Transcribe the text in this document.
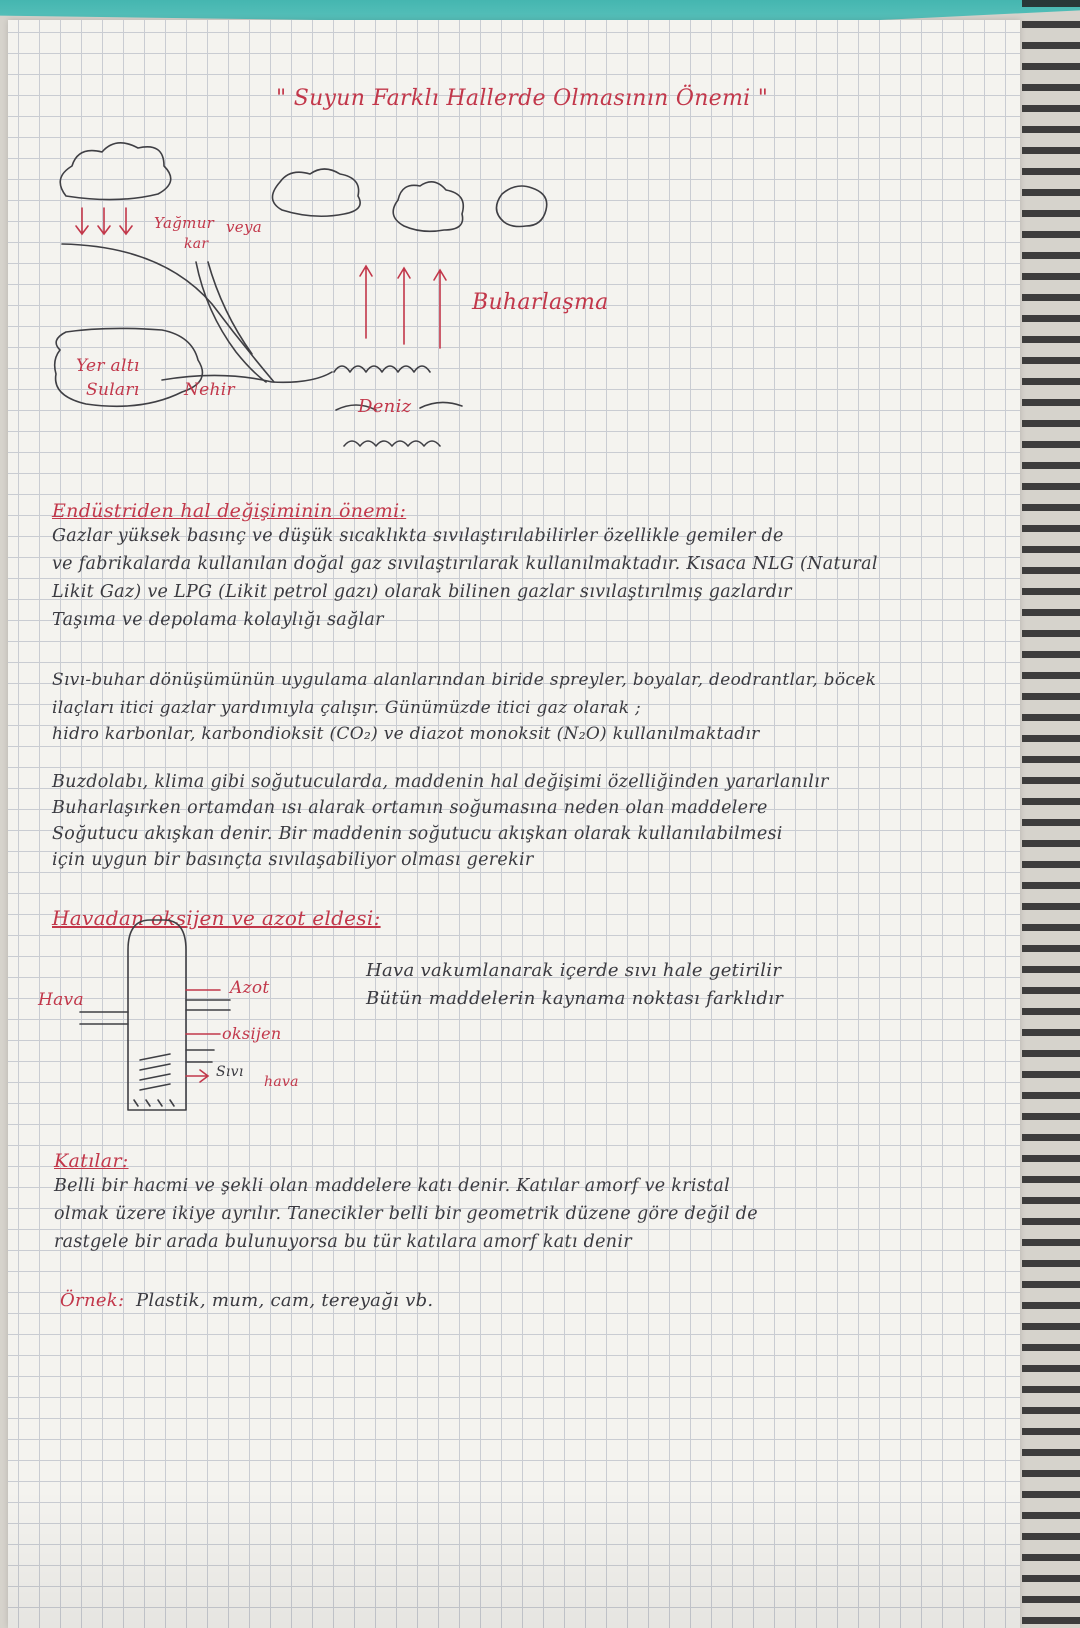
" Suyun Farklı Hallerde Olmasının Önemi "
Yağmur veya
kar
Yer altı
Suları	Nehir
Deniz
Buharlaşma
Endüstriden hal değişiminin önemi:
Gazlar yüksek basınç ve düşük sıcaklıkta sıvılaştırılabilirler özellikle gemiler de
ve fabrikalarda kullanılan doğal gaz sıvılaştırılarak kullanılmaktadır. Kısaca NLG (Natural
Likit Gaz) ve LPG (Likit petrol gazı) olarak bilinen gazlar sıvılaştırılmış gazlardır
Taşıma ve depolama kolaylığı sağlar
Sıvı-buhar dönüşümünün uygulama alanlarından biride spreyler, boyalar, deodrantlar, böcek
ilaçları itici gazlar yardımıyla çalışır. Günümüzde itici gaz olarak ;
hidro karbonlar, karbondioksit (CO₂) ve diazot monoksit (N₂O) kullanılmaktadır
Buzdolabı, klima gibi soğutucularda, maddenin hal değişimi özelliğinden yararlanılır
Buharlaşırken ortamdan ısı alarak ortamın soğumasına neden olan maddelere
Soğutucu akışkan denir. Bir maddenin soğutucu akışkan olarak kullanılabilmesi
için uygun bir basınçta sıvılaşabiliyor olması gerekir
Havadan oksijen ve azot eldesi:
Hava
Azot
oksijen
Sıvı
hava
Hava vakumlanarak içerde sıvı hale getirilir
Bütün maddelerin kaynama noktası farklıdır
Katılar:
Belli bir hacmi ve şekli olan maddelere katı denir. Katılar amorf ve kristal
olmak üzere ikiye ayrılır. Tanecikler belli bir geometrik düzene göre değil de
rastgele bir arada bulunuyorsa bu tür katılara amorf katı denir
Örnek: Plastik, mum, cam, tereyağı vb.
